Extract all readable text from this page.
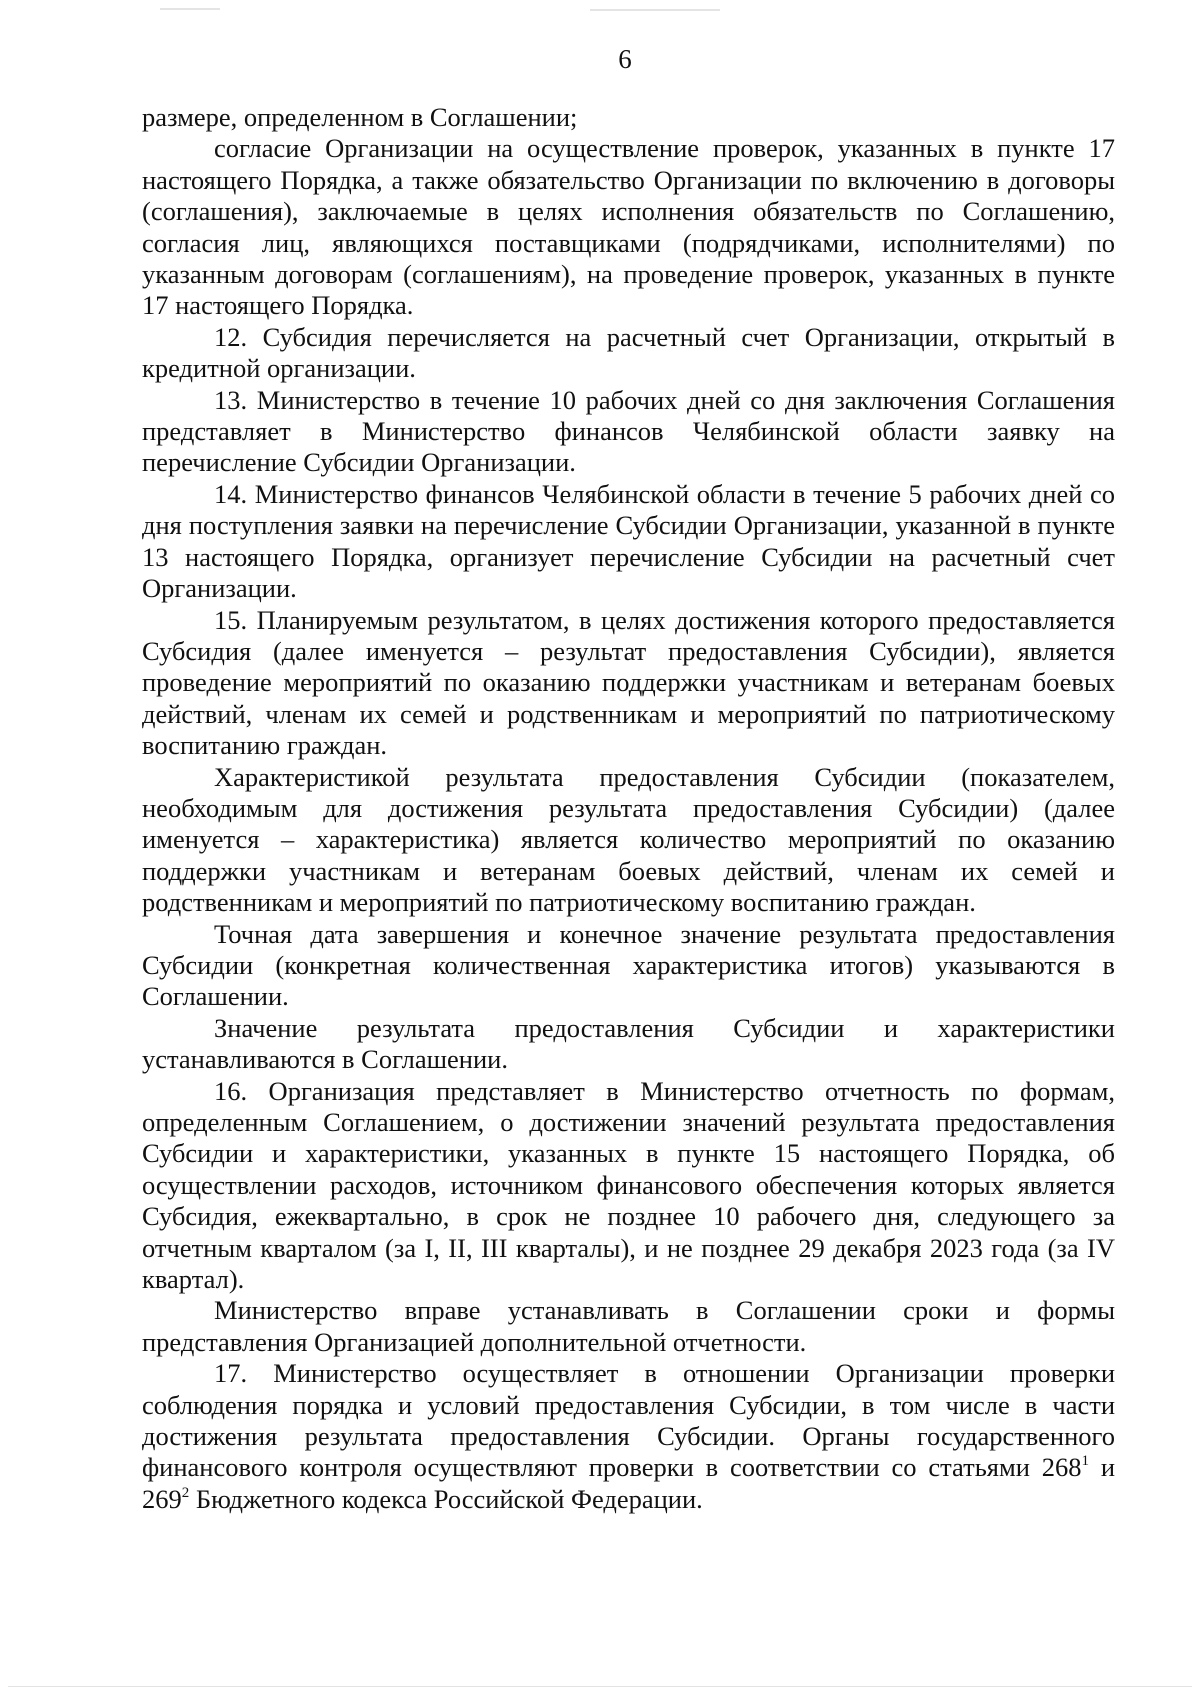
6

размере, определенном в Соглашении;

согласие Организации на осуществление проверок, указанных в пункте 17 настоящего Порядка, а также обязательство Организации по включению в договоры (соглашения), заключаемые в целях исполнения обязательств по Соглашению, согласия лиц, являющихся поставщиками (подрядчиками, исполнителями) по указанным договорам (соглашениям), на проведение проверок, указанных в пункте 17 настоящего Порядка.

12. Субсидия перечисляется на расчетный счет Организации, открытый в кредитной организации.

13. Министерство в течение 10 рабочих дней со дня заключения Соглашения представляет в Министерство финансов Челябинской области заявку на перечисление Субсидии Организации.

14. Министерство финансов Челябинской области в течение 5 рабочих дней со дня поступления заявки на перечисление Субсидии Организации, указанной в пункте 13 настоящего Порядка, организует перечисление Субсидии на расчетный счет Организации.

15. Планируемым результатом, в целях достижения которого предоставляется Субсидия (далее именуется – результат предоставления Субсидии), является проведение мероприятий по оказанию поддержки участникам и ветеранам боевых действий, членам их семей и родственникам и мероприятий по патриотическому воспитанию граждан.

Характеристикой результата предоставления Субсидии (показателем, необходимым для достижения результата предоставления Субсидии) (далее именуется – характеристика) является количество мероприятий по оказанию поддержки участникам и ветеранам боевых действий, членам их семей и родственникам и мероприятий по патриотическому воспитанию граждан.

Точная дата завершения и конечное значение результата предоставления Субсидии (конкретная количественная характеристика итогов) указываются в Соглашении.

Значение результата предоставления Субсидии и характеристики устанавливаются в Соглашении.

16. Организация представляет в Министерство отчетность по формам, определенным Соглашением, о достижении значений результата предоставления Субсидии и характеристики, указанных в пункте 15 настоящего Порядка, об осуществлении расходов, источником финансового обеспечения которых является Субсидия, ежеквартально, в срок не позднее 10 рабочего дня, следующего за отчетным кварталом (за I, II, III кварталы), и не позднее 29 декабря 2023 года (за IV квартал).

Министерство вправе устанавливать в Соглашении сроки и формы представления Организацией дополнительной отчетности.

17. Министерство осуществляет в отношении Организации проверки соблюдения порядка и условий предоставления Субсидии, в том числе в части достижения результата предоставления Субсидии. Органы государственного финансового контроля осуществляют проверки в соответствии со статьями $268^1$ и $269^2$ Бюджетного кодекса Российской Федерации.
